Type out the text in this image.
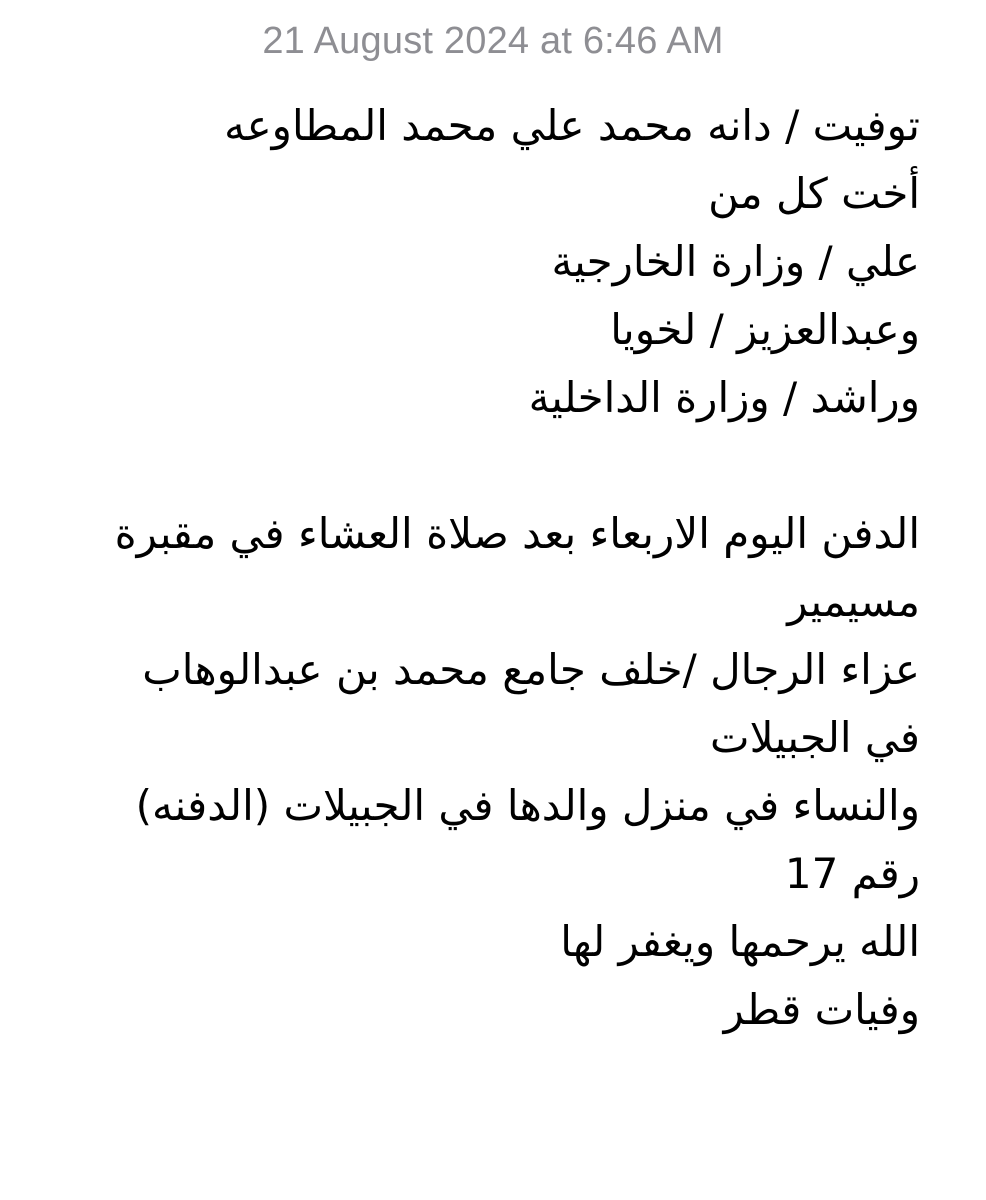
21 August 2024 at 6:46 AM
توفيت / دانه محمد علي محمد المطاوعه
أخت كل من
علي / وزارة الخارجية
وعبدالعزيز / لخويا
وراشد / وزارة الداخلية
الدفن اليوم الاربعاء بعد صلاة العشاء في مقبرة
مسيمير
عزاء الرجال /خلف جامع محمد بن عبدالوهاب
في الجبيلات
والنساء في منزل والدها في الجبيلات (الدفنه)
رقم 17
الله يرحمها ويغفر لها
وفيات قطر
